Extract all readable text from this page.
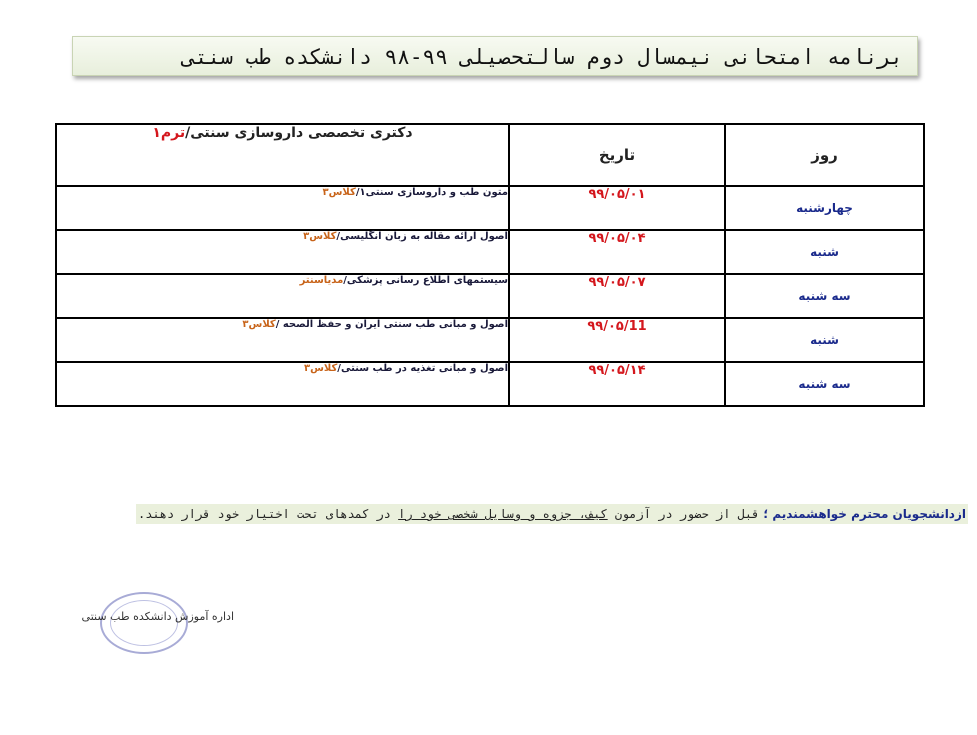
برنامه امتحانی نیمسال دوم سالتحصیلی ۹۹-۹۸ دانشکده طب سنتی
روز	تاریخ	دکتری تخصصی داروسازی سنتی/ترم۱
چهارشنبه	۹۹/۰۵/۰۱	متون طب و داروسازی سنتی۱/کلاس۳
شنبه	۹۹/۰۵/۰۴	اصول ارائه مقاله به زبان انگلیسی/کلاس۳
سه شنبه	۹۹/۰۵/۰۷	سیستمهای اطلاع رسانی پزشکی/مدیاسنتر
شنبه	۹۹/۰۵/11	اصول و مبانی طب سنتی ایران و حفظ الصحه /کلاس۳
سه شنبه	۹۹/۰۵/۱۴	اصول و مبانی تغذیه در طب سنتی/کلاس۳
ازدانشجویان محترم خواهشمندیم ؛قبل از حضور در آزمون کیف، جزوه و وسایل شخصی خود را در کمدهای تحت اختیار خود قرار دهند.
اداره آموزش دانشکده طب سنتی
